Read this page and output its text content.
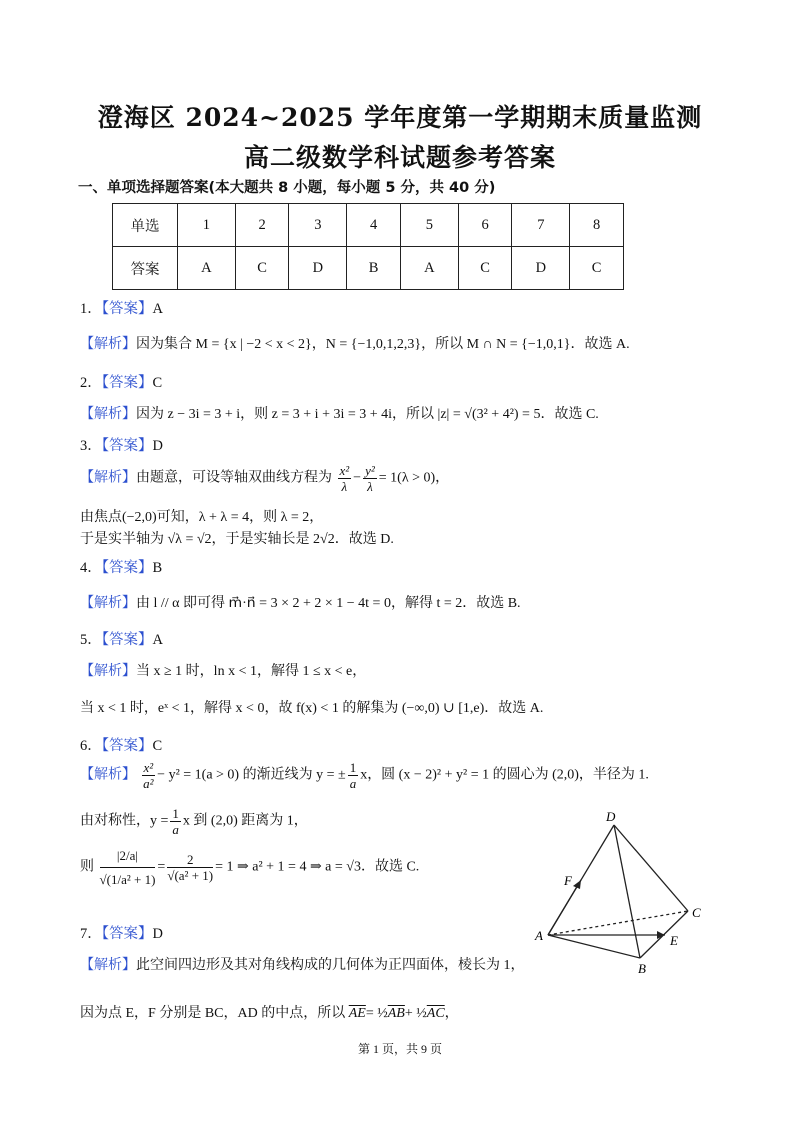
澄海区 2024~2025 学年度第一学期期末质量监测
高二级数学科试题参考答案
一、单项选择题答案(本大题共 8 小题，每小题 5 分，共 40 分)
单选	1	2	3	4	5	6	7	8
答案	A	C	D	B	A	C	D	C
1．【答案】A
【解析】因为集合 M = {x | −2 < x < 2}，N = {−1,0,1,2,3}，所以 M ∩ N = {−1,0,1}．故选 A.
2．【答案】C
【解析】因为 z − 3i = 3 + i，则 z = 3 + i + 3i = 3 + 4i，所以 |z| = √(3² + 4²) = 5．故选 C.
3．【答案】D
【解析】由题意，可设等轴双曲线方程为 $\frac{\text{x²}}{\lambda} - \frac{\text{y²}}{\lambda} = 1(\lambda > 0)$，
由焦点(−2,0)可知，λ + λ = 4，则 λ = 2，
于是实半轴为 √λ = √2，于是实轴长是 2√2．故选 D.
4．【答案】B
【解析】由 l // α 即可得 m⃗·n⃗ = 3 × 2 + 2 × 1 − 4t = 0，解得 t = 2．故选 B.
5．【答案】A
【解析】当 x ≥ 1 时，ln x < 1，解得 1 ≤ x < e，
当 x < 1 时，eˣ < 1，解得 x < 0，故 f(x) < 1 的解集为 (−∞,0) ∪ [1,e)．故选 A.
6．【答案】C
【解析】 $\frac{\text{x²}}{\text{a²}} - y^2 = 1(a > 0)$ 的渐近线为 y = ± $\frac{1}{a}$ x，圆 (x − 2)² + y² = 1 的圆心为 (2,0)，半径为 1.
由对称性，$y = \frac{1}{a}$ x 到 (2,0) 距离为 1，
则 $\frac{|2/a|}{\text{√(1/a² + 1)}} = \frac{2}{\text{√(a² + 1)}} = 1$ ⇒ a² + 1 = 4 ⇒ a = √3．故选 C.
7．【答案】D
【解析】此空间四边形及其对角线构成的几何体为正四面体，棱长为 1，
因为点 E，F 分别是 BC，AD 的中点，所以 $\overline{AE}=$ $\frac{1}{2}\overline{AB}+$ $\frac{1}{2}\overline{AC}$，
D
F
C
A	E
B
第 1 页，共 9 页
